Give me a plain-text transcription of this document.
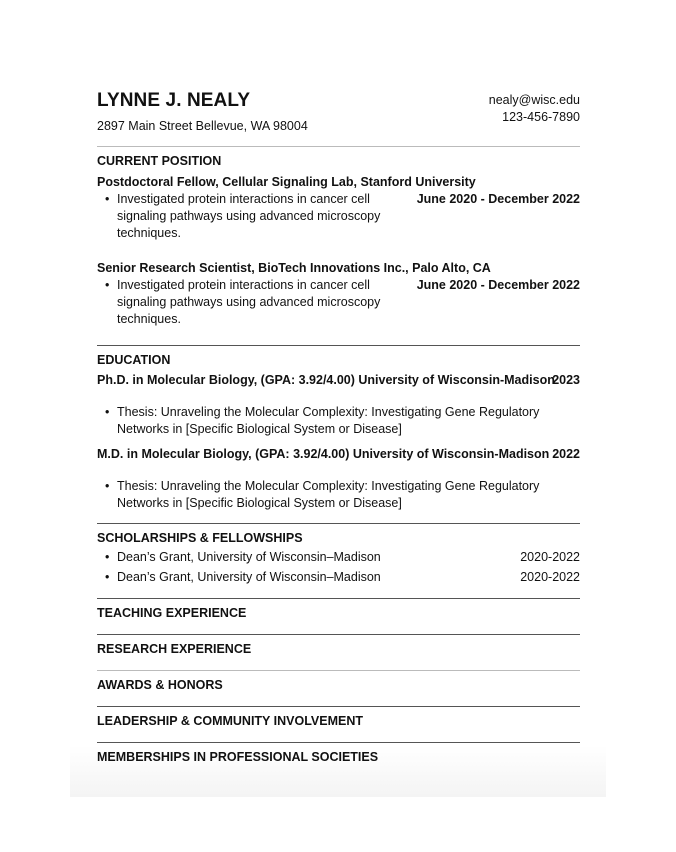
LYNNE J. NEALY
2897 Main Street Bellevue, WA 98004
nealy@wisc.edu
123-456-7890
CURRENT POSITION
Postdoctoral Fellow, Cellular Signaling Lab, Stanford University
• Investigated protein interactions in cancer cell signaling pathways using advanced microscopy techniques.
June 2020 - December 2022
Senior Research Scientist, BioTech Innovations Inc., Palo Alto, CA
• Investigated protein interactions in cancer cell signaling pathways using advanced microscopy techniques.
June 2020 - December 2022
EDUCATION
Ph.D. in Molecular Biology, (GPA: 3.92/4.00) University of Wisconsin-Madison
2023
• Thesis: Unraveling the Molecular Complexity: Investigating Gene Regulatory Networks in [Specific Biological System or Disease]
M.D. in Molecular Biology, (GPA: 3.92/4.00) University of Wisconsin-Madison 2022
• Thesis: Unraveling the Molecular Complexity: Investigating Gene Regulatory Networks in [Specific Biological System or Disease]
SCHOLARSHIPS & FELLOWSHIPS
• Dean’s Grant, University of Wisconsin–Madison	2020-2022
• Dean’s Grant, University of Wisconsin–Madison	2020-2022
TEACHING EXPERIENCE
RESEARCH EXPERIENCE
AWARDS & HONORS
LEADERSHIP & COMMUNITY INVOLVEMENT
MEMBERSHIPS IN PROFESSIONAL SOCIETIES
